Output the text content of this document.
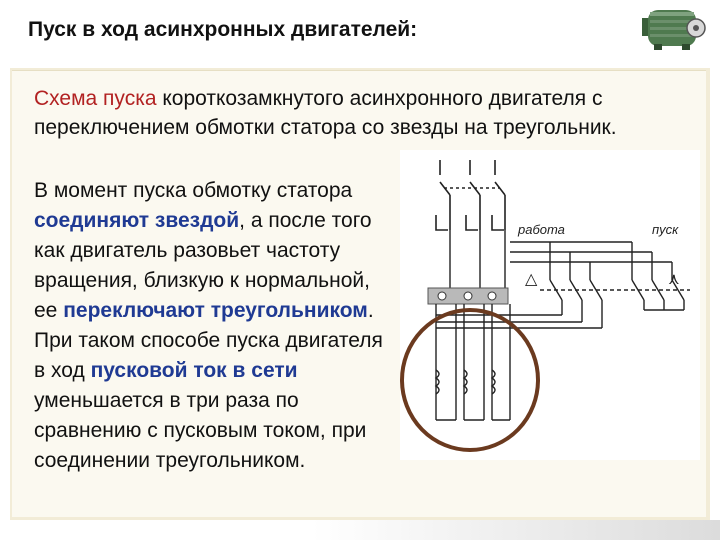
Пуск в ход асинхронных двигателей:
Схема пуска короткозамкнутого асинхронного двигателя с переключением обмотки статора со звезды на треугольник.

В момент пуска обмотку статора соединяют звездой, а после того как двигатель разовьет частоту вращения, близкую к нормальной, ее переключают треугольником.

При таком способе пуска двигателя в ход пусковой ток в сети уменьшается в три раза по сравнению с пусковым током, при соединении треугольником.

работа	пуск
△	⋏
